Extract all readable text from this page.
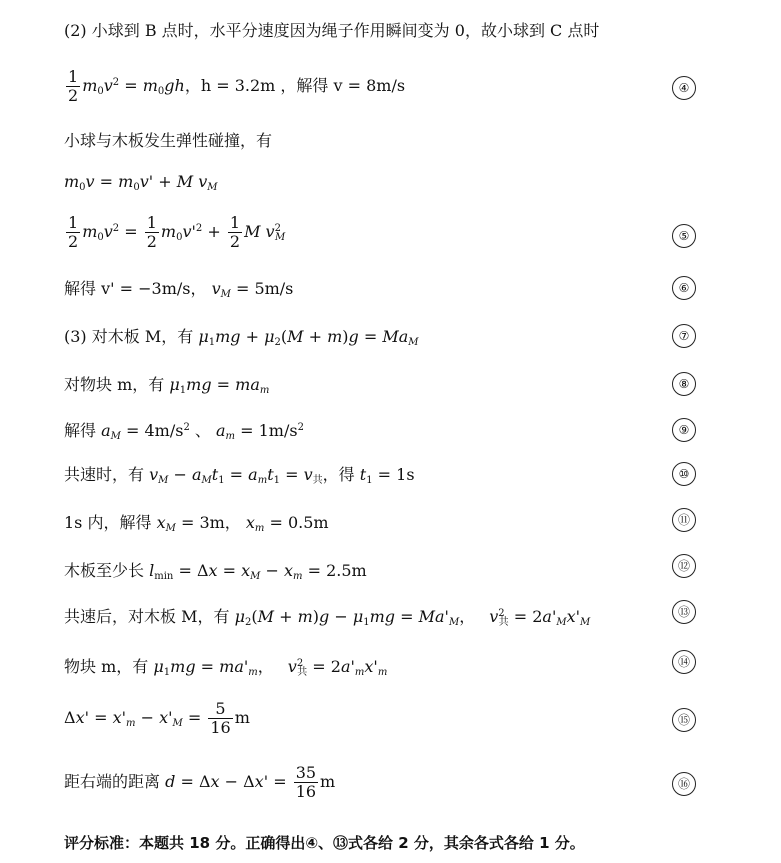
(2) 小球到 B 点时，水平分速度因为绳子作用瞬间变为 0，故小球到 C 点时
$\frac{1}{2} m_0v^2 = m_0gh$，h = 3.2m ，解得 v = 8m/s	④
小球与木板发生弹性碰撞，有
$m_0v = m_0v' + M$ $v_M$
$\frac{1}{2} m_0v^2 = \frac{1}{2} m_0v'^2 + \frac{1}{2}$ M $v^2_M$	⑤
解得 v' = −3m/s， $v_M = 5m/s$	⑥
(3) 对木板 M，有 $\mu_1mg + \mu_2(M + m)g = Ma_M$	⑦
对物块 m，有 $\mu_1mg = ma_m$	⑧
解得 $a_M = 4m/s^2$ 、 $a_m = 1m/s^2$	⑨
共速时，有 $v_M - a_Mt_1 = a_mt_1 = v_共$，得 $t_1 = 1s$	⑩
1s 内，解得 $x_M = 3m$， $x_m = 0.5m$	⑪
木板至少长 $l_{min} = \Delta x = x_M - x_m = 2.5m$	⑫
共速后，对木板 M，有 $\mu_2(M + m)g - \mu_1mg = Ma'_M$， $v^2_共 = 2a'_Mx'_M$
⑬
物块 m，有 $\mu_1mg = ma'_m$， $v^2_共 = 2a'_mx'_m$
⑭
$\Delta x' = x'_m - x'_M = \frac{5}{16}$ m	⑮
距右端的距离 $d = \Delta x - \Delta x' = \frac{35}{16}$ m	⑯
评分标准：本题共 18 分。正确得出④、⑬式各给 2 分，其余各式各给 1 分。
